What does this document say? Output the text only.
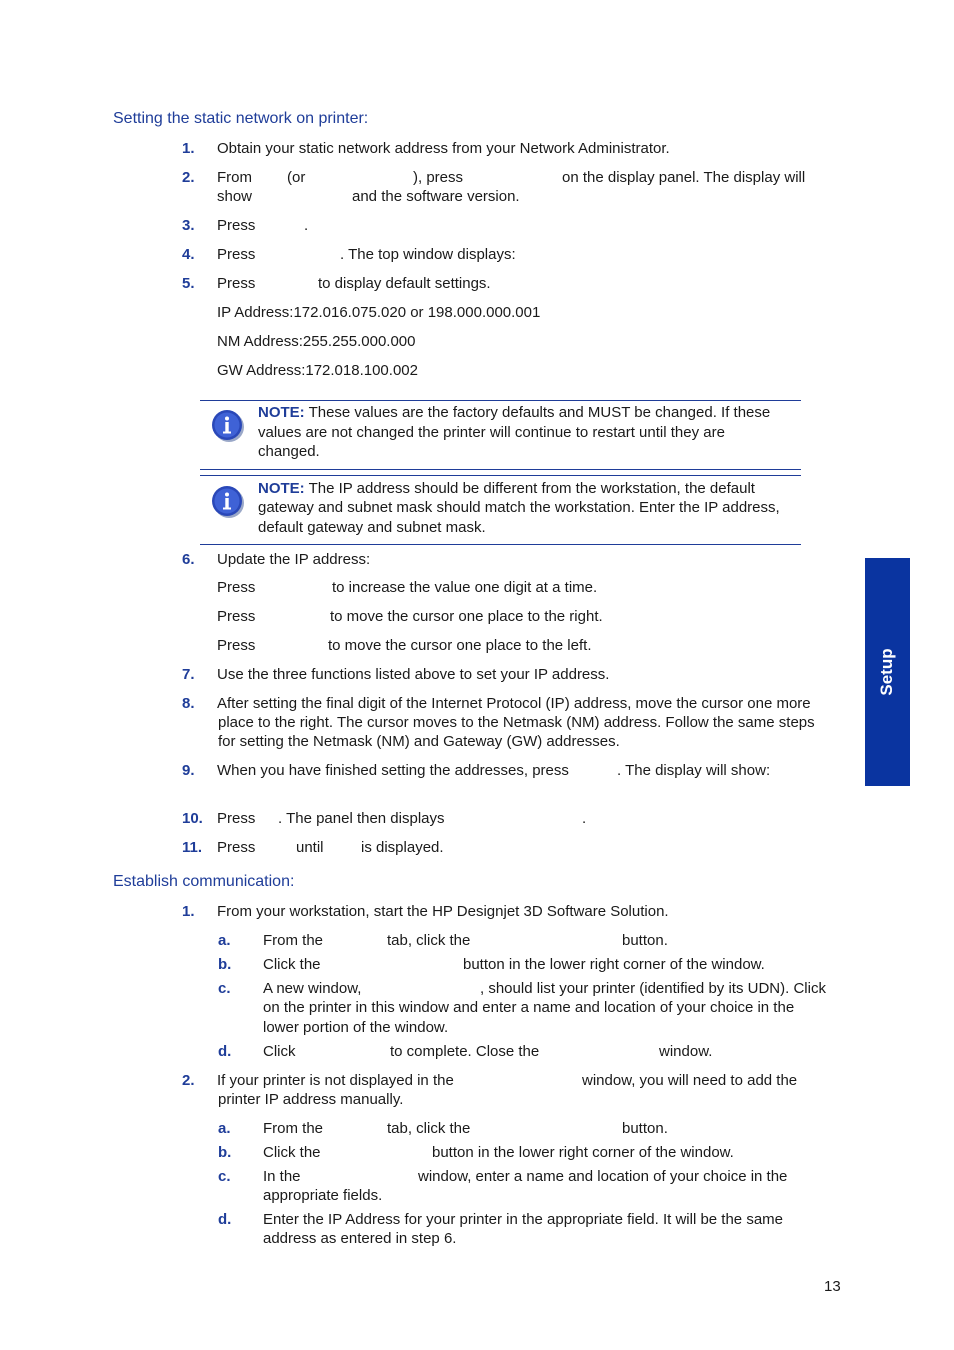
Setting the static network on printer:
1. Obtain your static network address from your Network Administrator.
2. From (or	), press	on the display panel. The display will
show	and the software version.
3. Press	.
4. Press	. The top window displays:
5. Press	to display default settings.
IP Address:172.016.075.020 or 198.000.000.001
NM Address:255.255.000.000
GW Address:172.018.100.002
NOTE: These values are the factory defaults and MUST be changed. If these
values are not changed the printer will continue to restart until they are
changed.
NOTE: The IP address should be different from the workstation, the default
gateway and subnet mask should match the workstation. Enter the IP address,
default gateway and subnet mask.
6. Update the IP address:
Press	to increase the value one digit at a time.
Press	to move the cursor one place to the right.
Press	to move the cursor one place to the left.
7. Use the three functions listed above to set your IP address.
8. After setting the final digit of the Internet Protocol (IP) address, move the cursor one more
place to the right. The cursor moves to the Netmask (NM) address. Follow the same steps
for setting the Netmask (NM) and Gateway (GW) addresses.
9. When you have finished setting the addresses, press	. The display will show:
10. Press . The panel then displays	.
11. Press	until is displayed.
Establish communication:
1. From your workstation, start the HP Designjet 3D Software Solution.
a. From the	tab, click the	button.
b. Click the	button in the lower right corner of the window.
c. A new window,	, should list your printer (identified by its UDN). Click
on the printer in this window and enter a name and location of your choice in the
lower portion of the window.
d. Click	to complete. Close the	window.
2. If your printer is not displayed in the	window, you will need to add the
printer IP address manually.
a. From the	tab, click the	button.
b. Click the	button in the lower right corner of the window.
c. In the	window, enter a name and location of your choice in the
appropriate fields.
d. Enter the IP Address for your printer in the appropriate field. It will be the same
address as entered in step 6.
Setup
13
